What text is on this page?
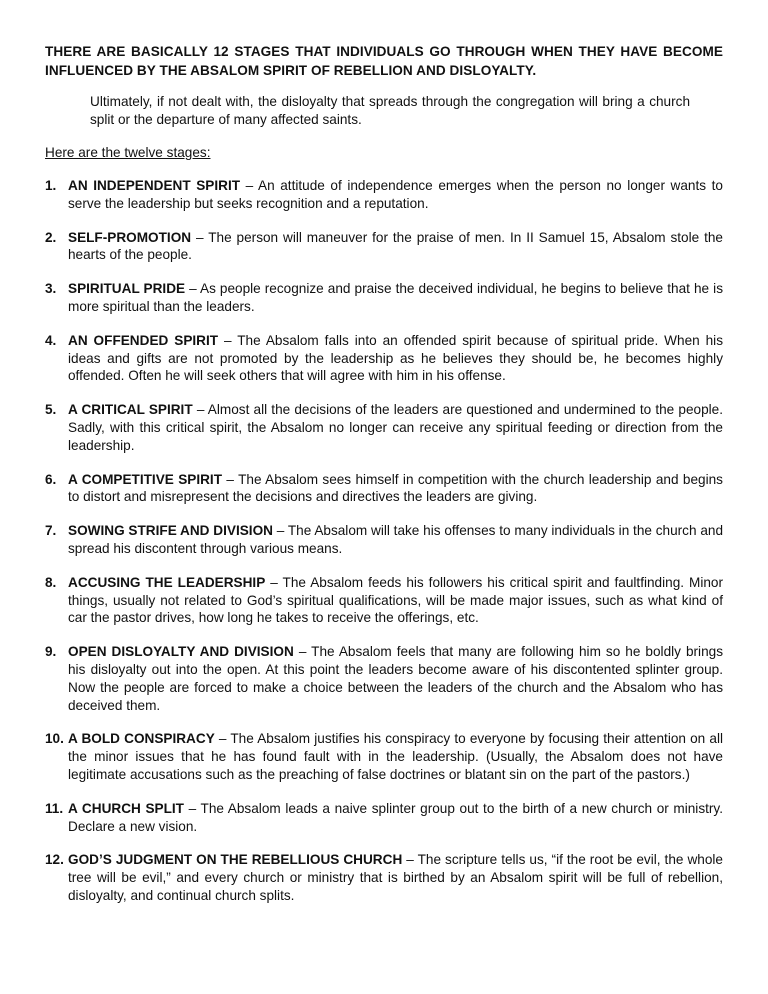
THERE ARE BASICALLY 12 STAGES THAT INDIVIDUALS GO THROUGH WHEN THEY HAVE BECOME INFLUENCED BY THE ABSALOM SPIRIT OF REBELLION AND DISLOYALTY.

Ultimately, if not dealt with, the disloyalty that spreads through the congregation will bring a church split or the departure of many affected saints.

Here are the twelve stages:

1. AN INDEPENDENT SPIRIT – An attitude of independence emerges when the person no longer wants to serve the leadership but seeks recognition and a reputation.
2. SELF-PROMOTION – The person will maneuver for the praise of men. In II Samuel 15, Absalom stole the hearts of the people.
3. SPIRITUAL PRIDE – As people recognize and praise the deceived individual, he begins to believe that he is more spiritual than the leaders.
4. AN OFFENDED SPIRIT – The Absalom falls into an offended spirit because of spiritual pride. When his ideas and gifts are not promoted by the leadership as he believes they should be, he becomes highly offended. Often he will seek others that will agree with him in his offense.
5. A CRITICAL SPIRIT – Almost all the decisions of the leaders are questioned and undermined to the people. Sadly, with this critical spirit, the Absalom no longer can receive any spiritual feeding or direction from the leadership.
6. A COMPETITIVE SPIRIT – The Absalom sees himself in competition with the church leadership and begins to distort and misrepresent the decisions and directives the leaders are giving.
7. SOWING STRIFE AND DIVISION – The Absalom will take his offenses to many individuals in the church and spread his discontent through various means.
8. ACCUSING THE LEADERSHIP – The Absalom feeds his followers his critical spirit and faultfinding. Minor things, usually not related to God’s spiritual qualifications, will be made major issues, such as what kind of car the pastor drives, how long he takes to receive the offerings, etc.
9. OPEN DISLOYALTY AND DIVISION – The Absalom feels that many are following him so he boldly brings his disloyalty out into the open. At this point the leaders become aware of his discontented splinter group. Now the people are forced to make a choice between the leaders of the church and the Absalom who has deceived them.
10. A BOLD CONSPIRACY – The Absalom justifies his conspiracy to everyone by focusing their attention on all the minor issues that he has found fault with in the leadership. (Usually, the Absalom does not have legitimate accusations such as the preaching of false doctrines or blatant sin on the part of the pastors.)
11. A CHURCH SPLIT – The Absalom leads a naive splinter group out to the birth of a new church or ministry. Declare a new vision.
12. GOD’S JUDGMENT ON THE REBELLIOUS CHURCH – The scripture tells us, “if the root be evil, the whole tree will be evil,” and every church or ministry that is birthed by an Absalom spirit will be full of rebellion, disloyalty, and continual church splits.
